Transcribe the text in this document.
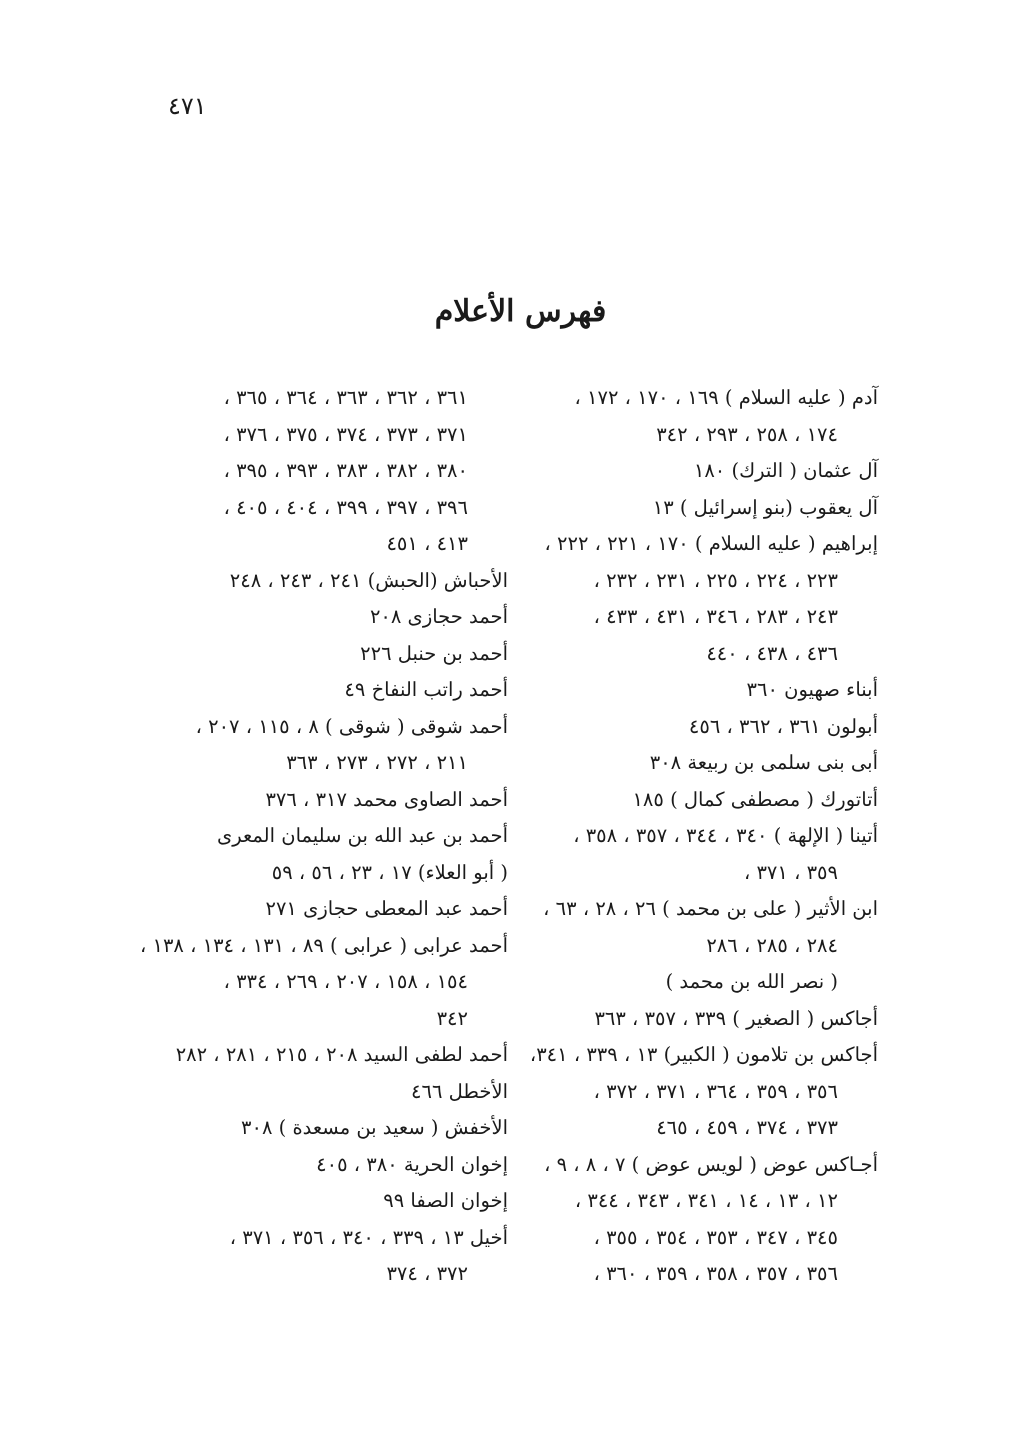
٤٧١
فهرس الأعلام
آدم ( عليه السلام ) ١٦٩ ، ١٧٠ ، ١٧٢ ،
١٧٤ ، ٢٥٨ ، ٢٩٣ ، ٣٤٢
آل عثمان ( الترك) ١٨٠
آل يعقوب (بنو إسرائيل ) ١٣
إبراهيم ( عليه السلام ) ١٧٠ ، ٢٢١ ، ٢٢٢ ،
٢٢٣ ، ٢٢٤ ، ٢٢٥ ، ٢٣١ ، ٢٣٢ ،
٢٤٣ ، ٢٨٣ ، ٣٤٦ ، ٤٣١ ، ٤٣٣ ،
٤٣٦ ، ٤٣٨ ، ٤٤٠
أبناء صهيون ٣٦٠
أبولون ٣٦١ ، ٣٦٢ ، ٤٥٦
أبى بنى سلمى بن ربيعة ٣٠٨
أتاتورك ( مصطفى كمال ) ١٨٥
أتينا ( الإلهة ) ٣٤٠ ، ٣٤٤ ، ٣٥٧ ، ٣٥٨ ،
٣٥٩ ، ٣٧١ ،
ابن الأثير ( على بن محمد ) ٢٦ ، ٢٨ ، ٦٣ ،
٢٨٤ ، ٢٨٥ ، ٢٨٦
( نصر الله بن محمد )
أجاكس ( الصغير ) ٣٣٩ ، ٣٥٧ ، ٣٦٣
أجاكس بن تلامون ( الكبير) ١٣ ، ٣٣٩ ، ٣٤١،
٣٥٦ ، ٣٥٩ ، ٣٦٤ ، ٣٧١ ، ٣٧٢ ،
٣٧٣ ، ٣٧٤ ، ٤٥٩ ، ٤٦٥
أجـاكس عوض ( لويس عوض ) ٧ ، ٨ ، ٩ ،
١٢ ، ١٣ ، ١٤ ، ٣٤١ ، ٣٤٣ ، ٣٤٤ ،
٣٤٥ ، ٣٤٧ ، ٣٥٣ ، ٣٥٤ ، ٣٥٥ ،
٣٥٦ ، ٣٥٧ ، ٣٥٨ ، ٣٥٩ ، ٣٦٠ ،
٣٦١ ، ٣٦٢ ، ٣٦٣ ، ٣٦٤ ، ٣٦٥ ،
٣٧١ ، ٣٧٣ ، ٣٧٤ ، ٣٧٥ ، ٣٧٦ ،
٣٨٠ ، ٣٨٢ ، ٣٨٣ ، ٣٩٣ ، ٣٩٥ ،
٣٩٦ ، ٣٩٧ ، ٣٩٩ ، ٤٠٤ ، ٤٠٥ ،
٤١٣ ، ٤٥١
الأحباش (الحبش) ٢٤١ ، ٢٤٣ ، ٢٤٨
أحمد حجازى ٢٠٨
أحمد بن حنبل ٢٢٦
أحمد راتب النفاخ ٤٩
أحمد شوقى ( شوقى ) ٨ ، ١١٥ ، ٢٠٧ ،
٢١١ ، ٢٧٢ ، ٢٧٣ ، ٣٦٣
أحمد الصاوى محمد ٣١٧ ، ٣٧٦
أحمد بن عبد الله بن سليمان المعرى
( أبو العلاء) ١٧ ، ٢٣ ، ٥٦ ، ٥٩
أحمد عبد المعطى حجازى ٢٧١
أحمد عرابى ( عرابى ) ٨٩ ، ١٣١ ، ١٣٤ ، ١٣٨ ،
١٥٤ ، ١٥٨ ، ٢٠٧ ، ٢٦٩ ، ٣٣٤ ،
٣٤٢
أحمد لطفى السيد ٢٠٨ ، ٢١٥ ، ٢٨١ ، ٢٨٢
الأخطل ٤٦٦
الأخفش ( سعيد بن مسعدة ) ٣٠٨
إخوان الحرية ٣٨٠ ، ٤٠٥
إخوان الصفا ٩٩
أخيل ١٣ ، ٣٣٩ ، ٣٤٠ ، ٣٥٦ ، ٣٧١ ،
٣٧٢ ، ٣٧٤
